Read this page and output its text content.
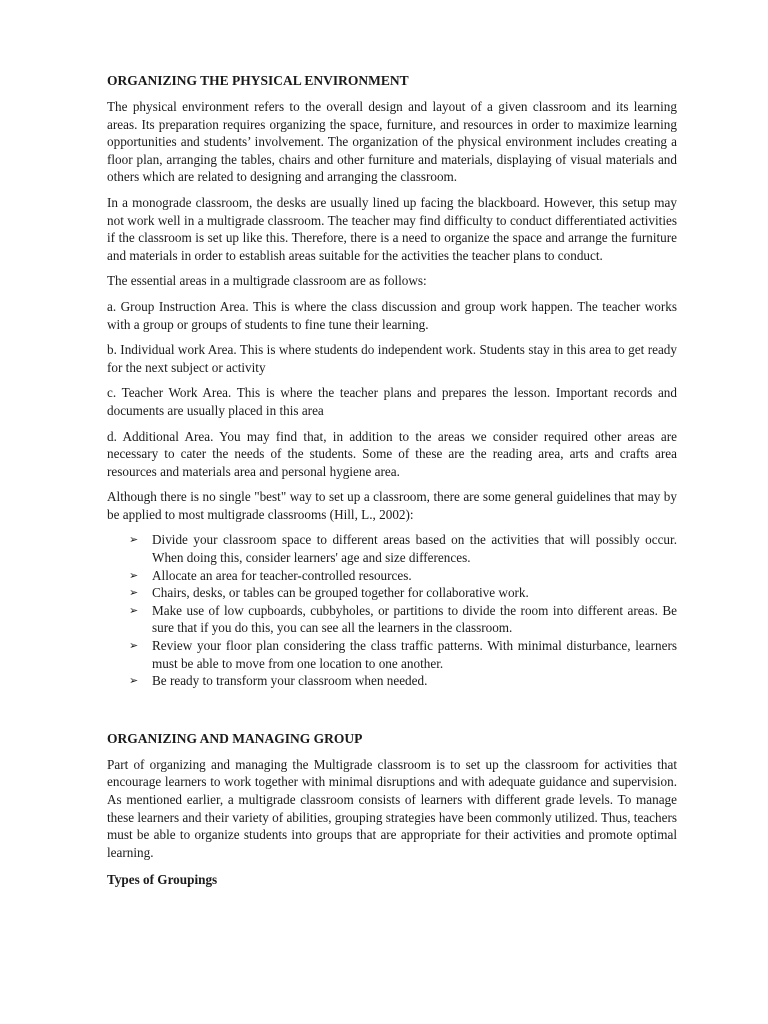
ORGANIZING THE PHYSICAL ENVIRONMENT

The physical environment refers to the overall design and layout of a given classroom and its learning areas. Its preparation requires organizing the space, furniture, and resources in order to maximize learning opportunities and students’ involvement. The organization of the physical environment includes creating a floor plan, arranging the tables, chairs and other furniture and materials, displaying of visual materials and others which are related to designing and arranging the classroom.

In a monograde classroom, the desks are usually lined up facing the blackboard. However, this setup may not work well in a multigrade classroom. The teacher may find difficulty to conduct differentiated activities if the classroom is set up like this. Therefore, there is a need to organize the space and arrange the furniture and materials in order to establish areas suitable for the activities the teacher plans to conduct.

The essential areas in a multigrade classroom are as follows:

a. Group Instruction Area. This is where the class discussion and group work happen. The teacher works with a group or groups of students to fine tune their learning.

b. Individual work Area. This is where students do independent work. Students stay in this area to get ready for the next subject or activity

c. Teacher Work Area. This is where the teacher plans and prepares the lesson. Important records and documents are usually placed in this area

d. Additional Area. You may find that, in addition to the areas we consider required other areas are necessary to cater the needs of the students. Some of these are the reading area, arts and crafts area resources and materials area and personal hygiene area.

Although there is no single "best" way to set up a classroom, there are some general guidelines that may by be applied to most multigrade classrooms (Hill, L., 2002):

➢ Divide your classroom space to different areas based on the activities that will possibly occur. When doing this, consider learners' age and size differences.
➢ Allocate an area for teacher-controlled resources.
➢ Chairs, desks, or tables can be grouped together for collaborative work.
➢ Make use of low cupboards, cubbyholes, or partitions to divide the room into different areas. Be sure that if you do this, you can see all the learners in the classroom.
➢ Review your floor plan considering the class traffic patterns. With minimal disturbance, learners must be able to move from one location to one another.
➢ Be ready to transform your classroom when needed.
ORGANIZING AND MANAGING GROUP

Part of organizing and managing the Multigrade classroom is to set up the classroom for activities that encourage learners to work together with minimal disruptions and with adequate guidance and supervision. As mentioned earlier, a multigrade classroom consists of learners with different grade levels. To manage these learners and their variety of abilities, grouping strategies have been commonly utilized. Thus, teachers must be able to organize students into groups that are appropriate for their activities and promote optimal learning.

Types of Groupings
